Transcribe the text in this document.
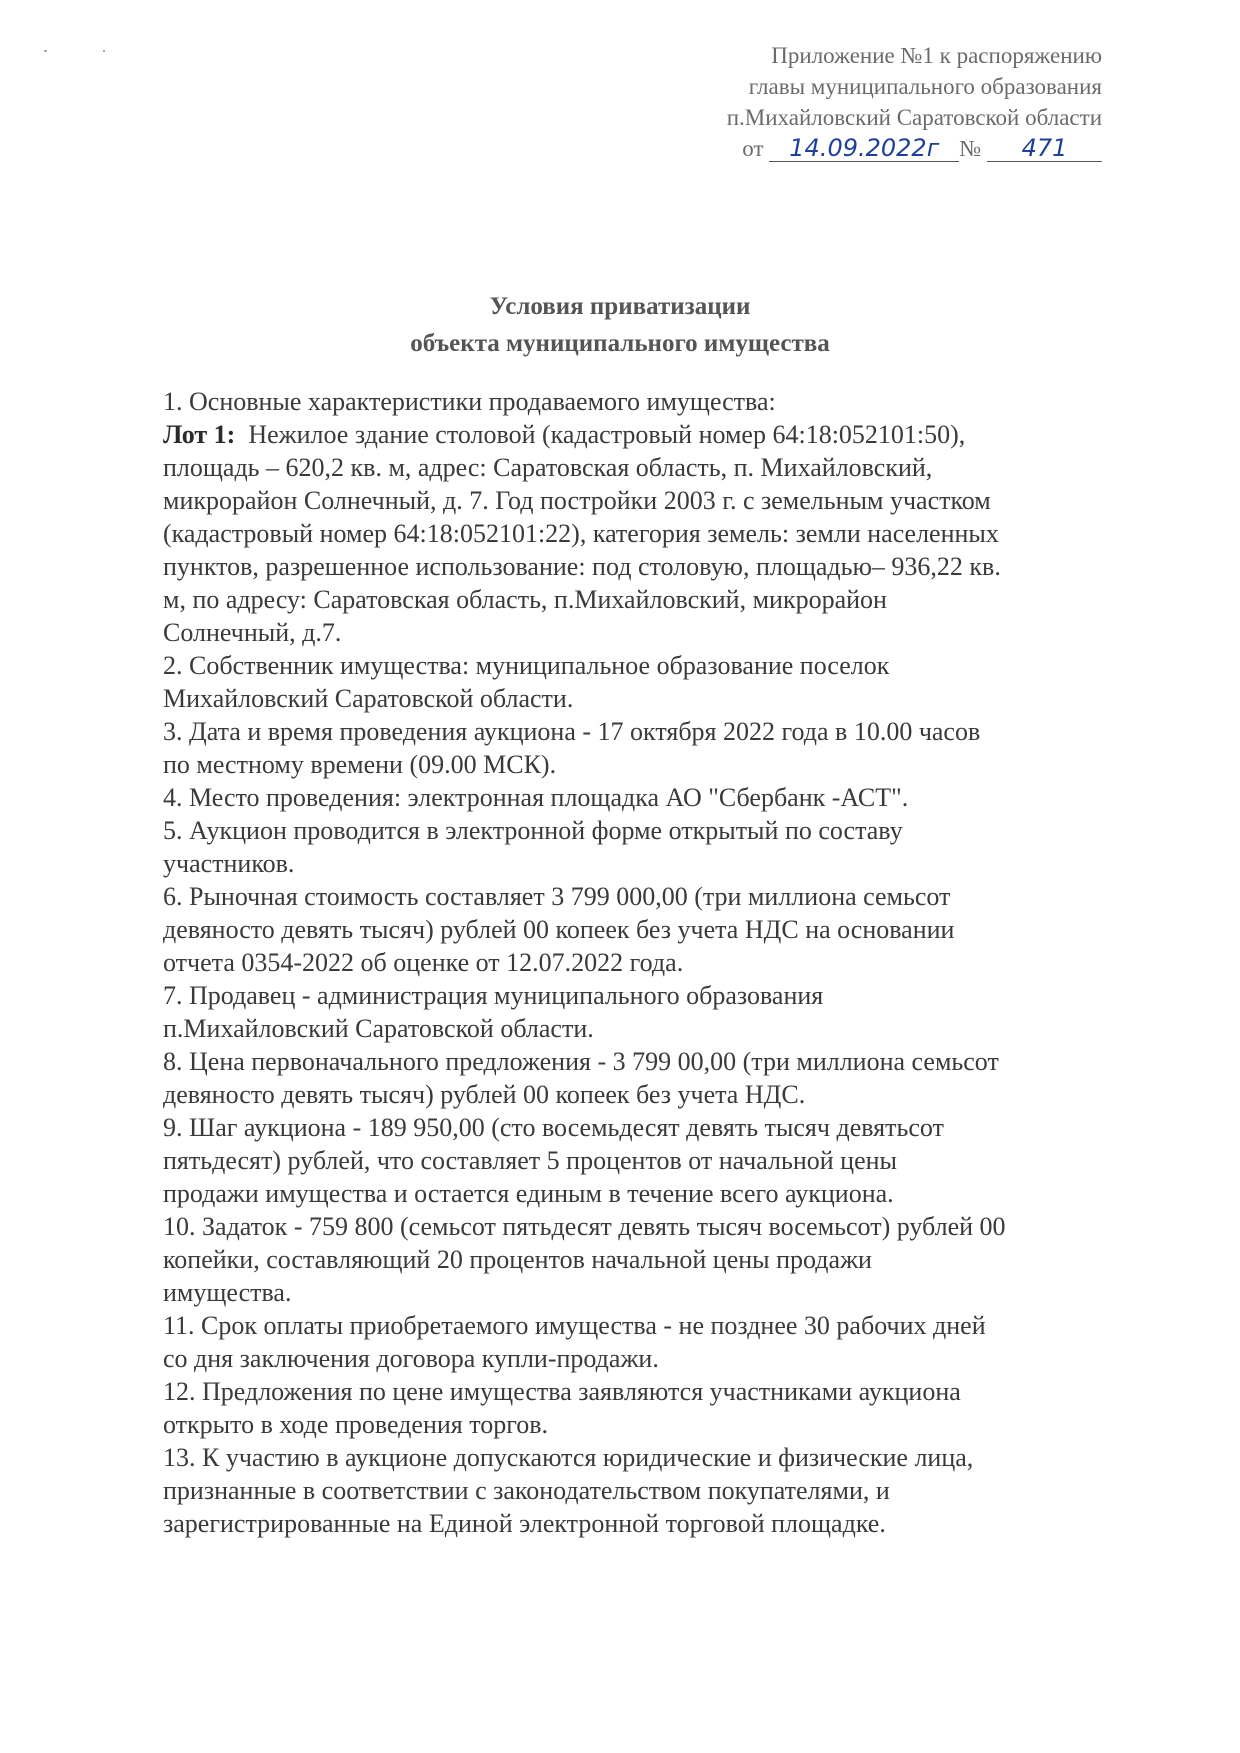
Приложение №1 к распоряжению
главы муниципального образования
п.Михайловский Саратовской области
от 14.09.2022г № 471
Условия приватизации
объекта муниципального имущества
1. Основные характеристики продаваемого имущества:
Лот 1:  Нежилое здание столовой (кадастровый номер 64:18:052101:50),
площадь – 620,2 кв. м, адрес: Саратовская область, п. Михайловский,
микрорайон Солнечный, д. 7. Год постройки 2003 г. с земельным участком
(кадастровый номер 64:18:052101:22), категория земель: земли населенных
пунктов, разрешенное использование: под столовую, площадью– 936,22 кв.
м, по адресу: Саратовская область, п.Михайловский, микрорайон
Солнечный, д.7.
2. Собственник имущества: муниципальное образование поселок
Михайловский Саратовской области.
3. Дата и время проведения аукциона - 17 октября 2022 года в 10.00 часов
по местному времени (09.00 МСК).
4. Место проведения: электронная площадка АО "Сбербанк -АСТ".
5. Аукцион проводится в электронной форме открытый по составу
участников.
6. Рыночная стоимость составляет 3 799 000,00 (три миллиона семьсот
девяносто девять тысяч) рублей 00 копеек без учета НДС на основании
отчета 0354-2022 об оценке от 12.07.2022 года.
7. Продавец - администрация муниципального образования
п.Михайловский Саратовской области.
8. Цена первоначального предложения - 3 799 00,00 (три миллиона семьсот
девяносто девять тысяч) рублей 00 копеек без учета НДС.
9. Шаг аукциона - 189 950,00 (сто восемьдесят девять тысяч девятьсот
пятьдесят) рублей, что составляет 5 процентов от начальной цены
продажи имущества и остается единым в течение всего аукциона.
10. Задаток - 759 800 (семьсот пятьдесят девять тысяч восемьсот) рублей 00
копейки, составляющий 20 процентов начальной цены продажи
имущества.
11. Срок оплаты приобретаемого имущества - не позднее 30 рабочих дней
со дня заключения договора купли-продажи.
12. Предложения по цене имущества заявляются участниками аукциона
открыто в ходе проведения торгов.
13. К участию в аукционе допускаются юридические и физические лица,
признанные в соответствии с законодательством покупателями, и
зарегистрированные на Единой электронной торговой площадке.
